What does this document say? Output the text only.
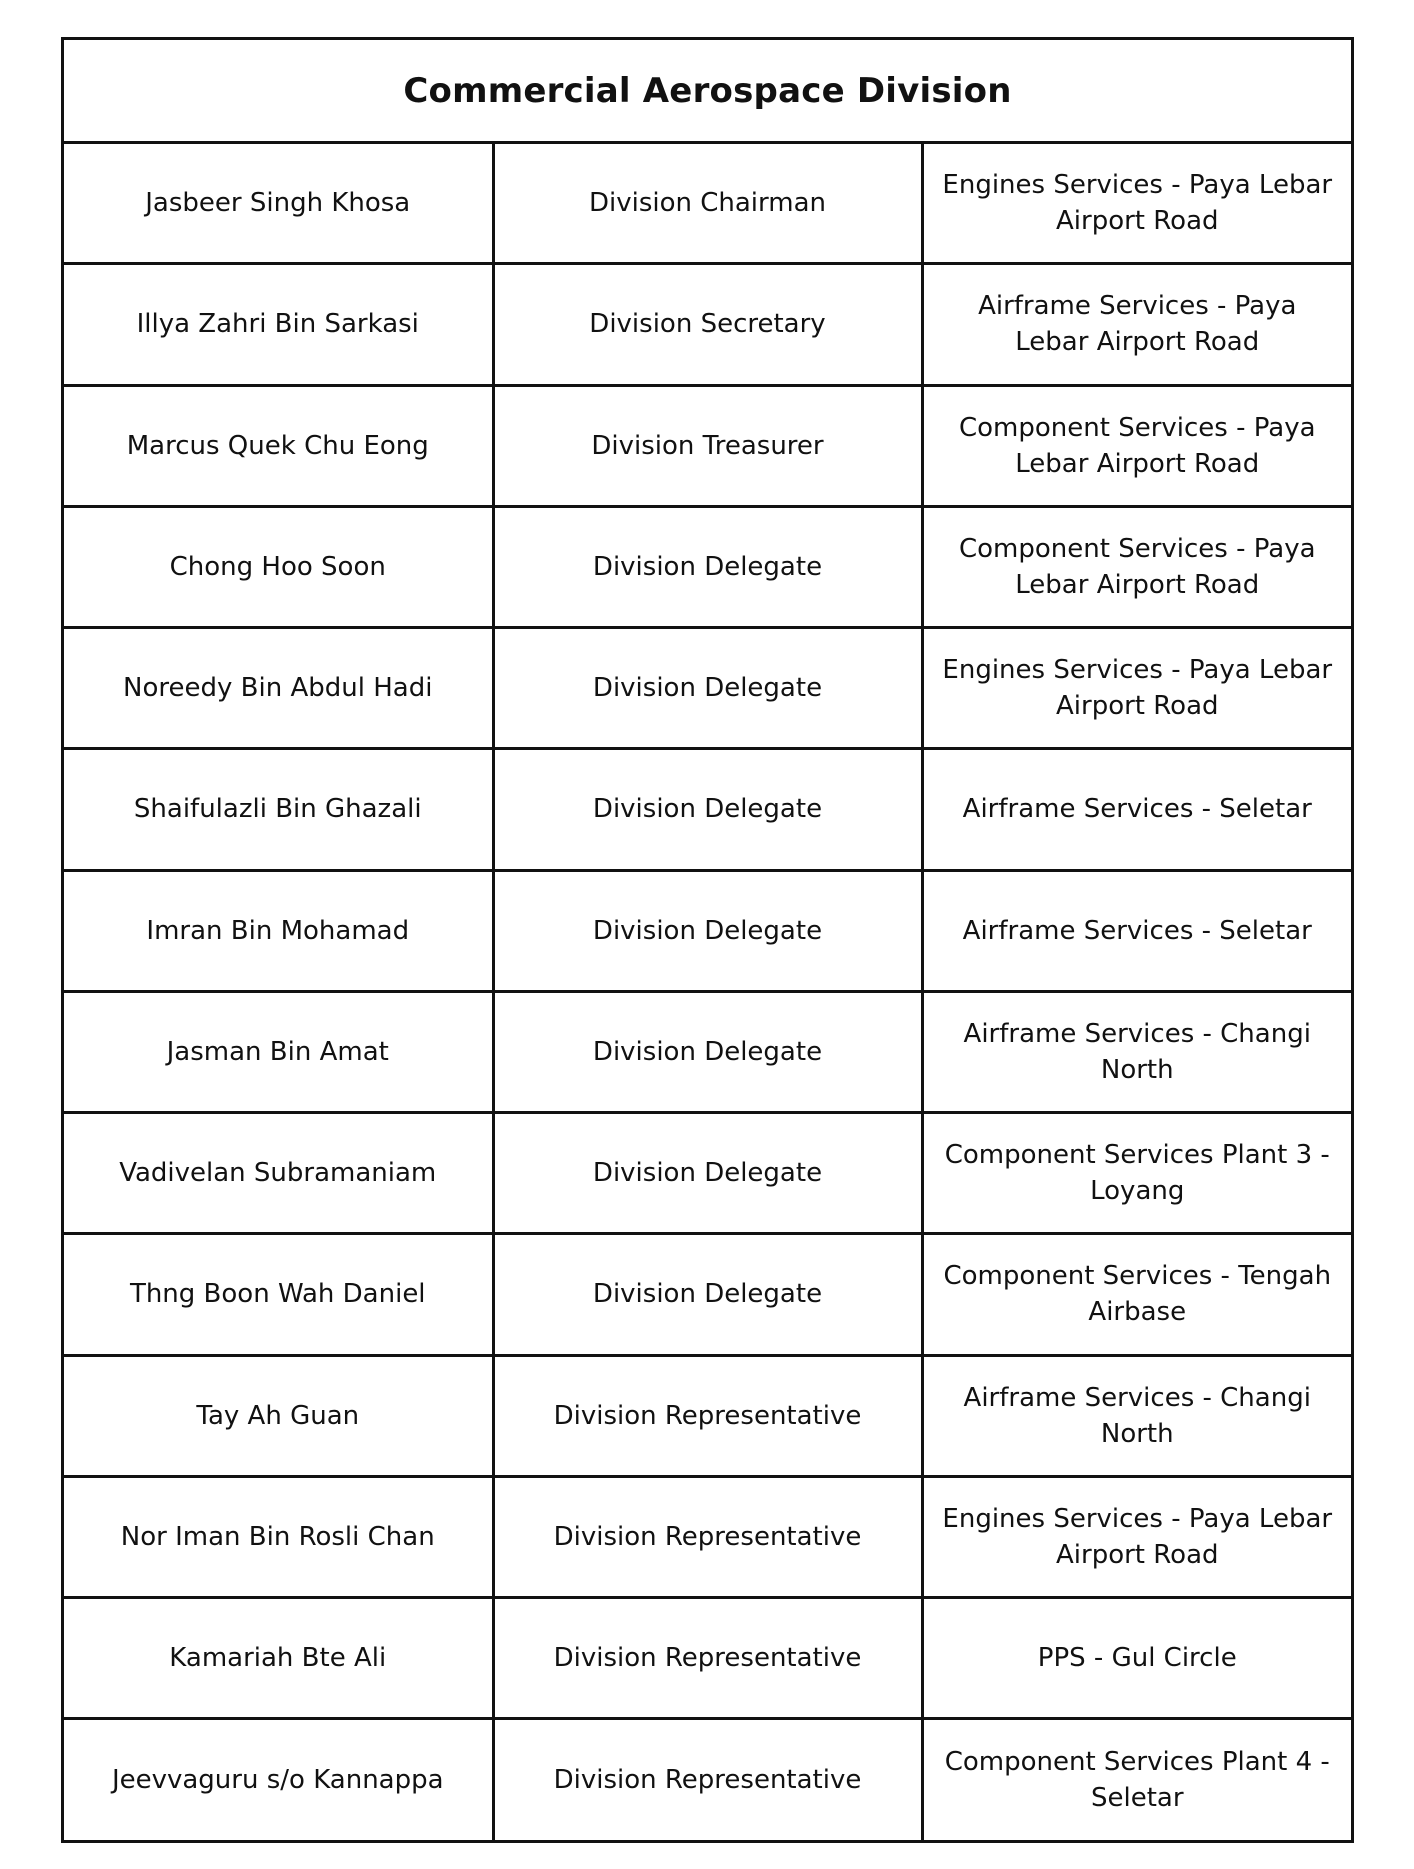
Commercial Aerospace Division		
Jasbeer Singh Khosa	Division Chairman	Engines Services - Paya Lebar Airport Road
Illya Zahri Bin Sarkasi	Division Secretary	Airframe Services - Paya Lebar Airport Road
Marcus Quek Chu Eong	Division Treasurer	Component Services - Paya Lebar Airport Road
Chong Hoo Soon	Division Delegate	Component Services - Paya Lebar Airport Road
Noreedy Bin Abdul Hadi	Division Delegate	Engines Services - Paya Lebar Airport Road
Shaifulazli Bin Ghazali	Division Delegate	Airframe Services - Seletar
Imran Bin Mohamad	Division Delegate	Airframe Services - Seletar
Jasman Bin Amat	Division Delegate	Airframe Services - Changi North
Vadivelan Subramaniam	Division Delegate	Component Services Plant 3 - Loyang
Thng Boon Wah Daniel	Division Delegate	Component Services - Tengah Airbase
Tay Ah Guan	Division Representative	Airframe Services - Changi North
Nor Iman Bin Rosli Chan	Division Representative	Engines Services - Paya Lebar Airport Road
Kamariah Bte Ali	Division Representative	PPS - Gul Circle
Jeevvaguru s/o Kannappa	Division Representative	Component Services Plant 4 - Seletar
